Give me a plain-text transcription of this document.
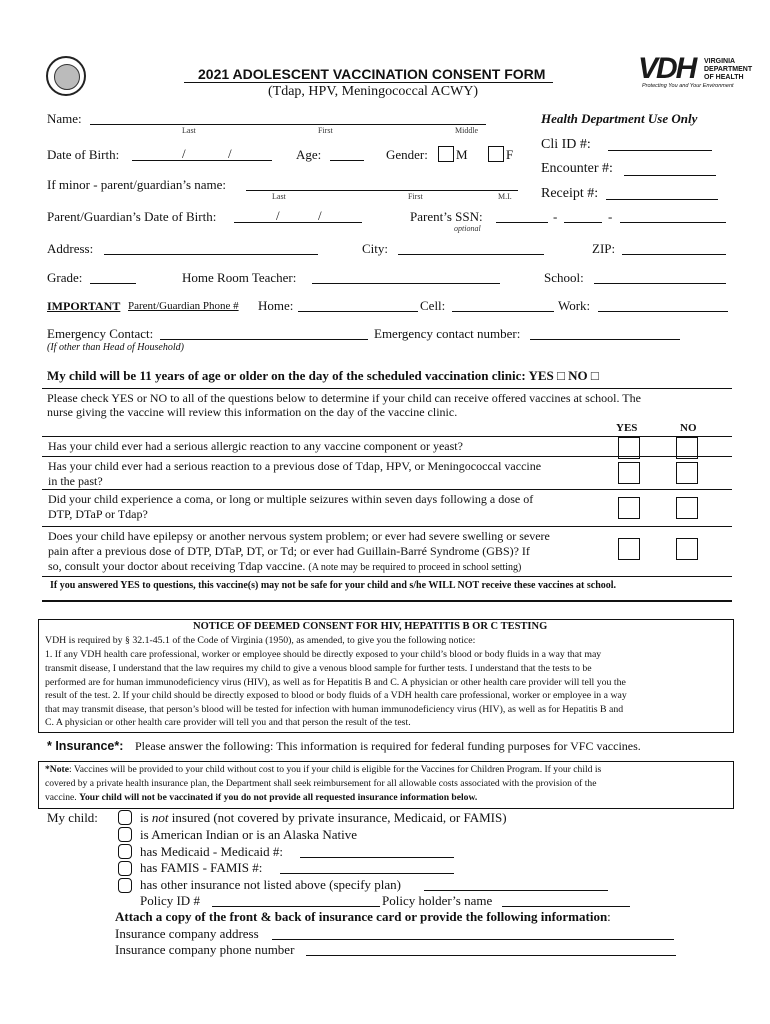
2021 ADOLESCENT VACCINATION CONSENT FORM
(Tdap, HPV, Meningococcal ACWY)
VDH VIRGINIA
DEPARTMENT
OF HEALTH
Protecting You and Your Environment
Health Department Use Only
Cli ID #:
Encounter #:
Receipt #:
Name:
Last	First	Middle
Date of Birth:	/	/	Age:	Gender: M	F
If minor - parent/guardian’s name:
Last	First	M.I.
Parent/Guardian’s Date of Birth:	/	/	Parent’s SSN:	-	-
optional
Address:	City:	ZIP:
Grade:	Home Room Teacher:	School:
IMPORTANT Parent/Guardian Phone # Home:	Cell:	Work:
Emergency Contact:	Emergency contact number:
(If other than Head of Household)
My child will be 11 years of age or older on the day of the scheduled vaccination clinic: YES □ NO □
Please check YES or NO to all of the questions below to determine if your child can receive offered vaccines at school. The
nurse giving the vaccine will review this information on the day of the vaccine clinic.
YES	NO
Has your child ever had a serious allergic reaction to any vaccine component or yeast?
Has your child ever had a serious reaction to a previous dose of Tdap, HPV, or Meningococcal vaccine
in the past?
Did your child experience a coma, or long or multiple seizures within seven days following a dose of
DTP, DTaP or Tdap?
Does your child have epilepsy or another nervous system problem; or ever had severe swelling or severe
pain after a previous dose of DTP, DTaP, DT, or Td; or ever had Guillain-Barré Syndrome (GBS)? If
so, consult your doctor about receiving Tdap vaccine. (A note may be required to proceed in school setting)
If you answered YES to questions, this vaccine(s) may not be safe for your child and s/he WILL NOT receive these vaccines at school.
NOTICE OF DEEMED CONSENT FOR HIV, HEPATITIS B OR C TESTING
VDH is required by § 32.1-45.1 of the Code of Virginia (1950), as amended, to give you the following notice:
1. If any VDH health care professional, worker or employee should be directly exposed to your child’s blood or body fluids in a way that may
transmit disease, I understand that the law requires my child to give a venous blood sample for further tests. I understand that the tests to be
performed are for human immunodeficiency virus (HIV), as well as for Hepatitis B and C. A physician or other health care provider will tell you the
result of the test. 2. If your child should be directly exposed to blood or body fluids of a VDH health care professional, worker or employee in a way
that may transmit disease, that person’s blood will be tested for infection with human immunodeficiency virus (HIV), as well as for Hepatitis B and
C. A physician or other health care provider will tell you and that person the result of the test.
* Insurance*: Please answer the following: This information is required for federal funding purposes for VFC vaccines.
*Note: Vaccines will be provided to your child without cost to you if your child is eligible for the Vaccines for Children Program. If your child is
covered by a private health insurance plan, the Department shall seek reimbursement for all allowable costs associated with the provision of the
vaccine. Your child will not be vaccinated if you do not provide all requested insurance information below.
My child:	is not insured (not covered by private insurance, Medicaid, or FAMIS)
is American Indian or is an Alaska Native
has Medicaid - Medicaid #:
has FAMIS - FAMIS #:
has other insurance not listed above (specify plan)
Policy ID #	Policy holder’s name
Attach a copy of the front & back of insurance card or provide the following information:
Insurance company address
Insurance company phone number
